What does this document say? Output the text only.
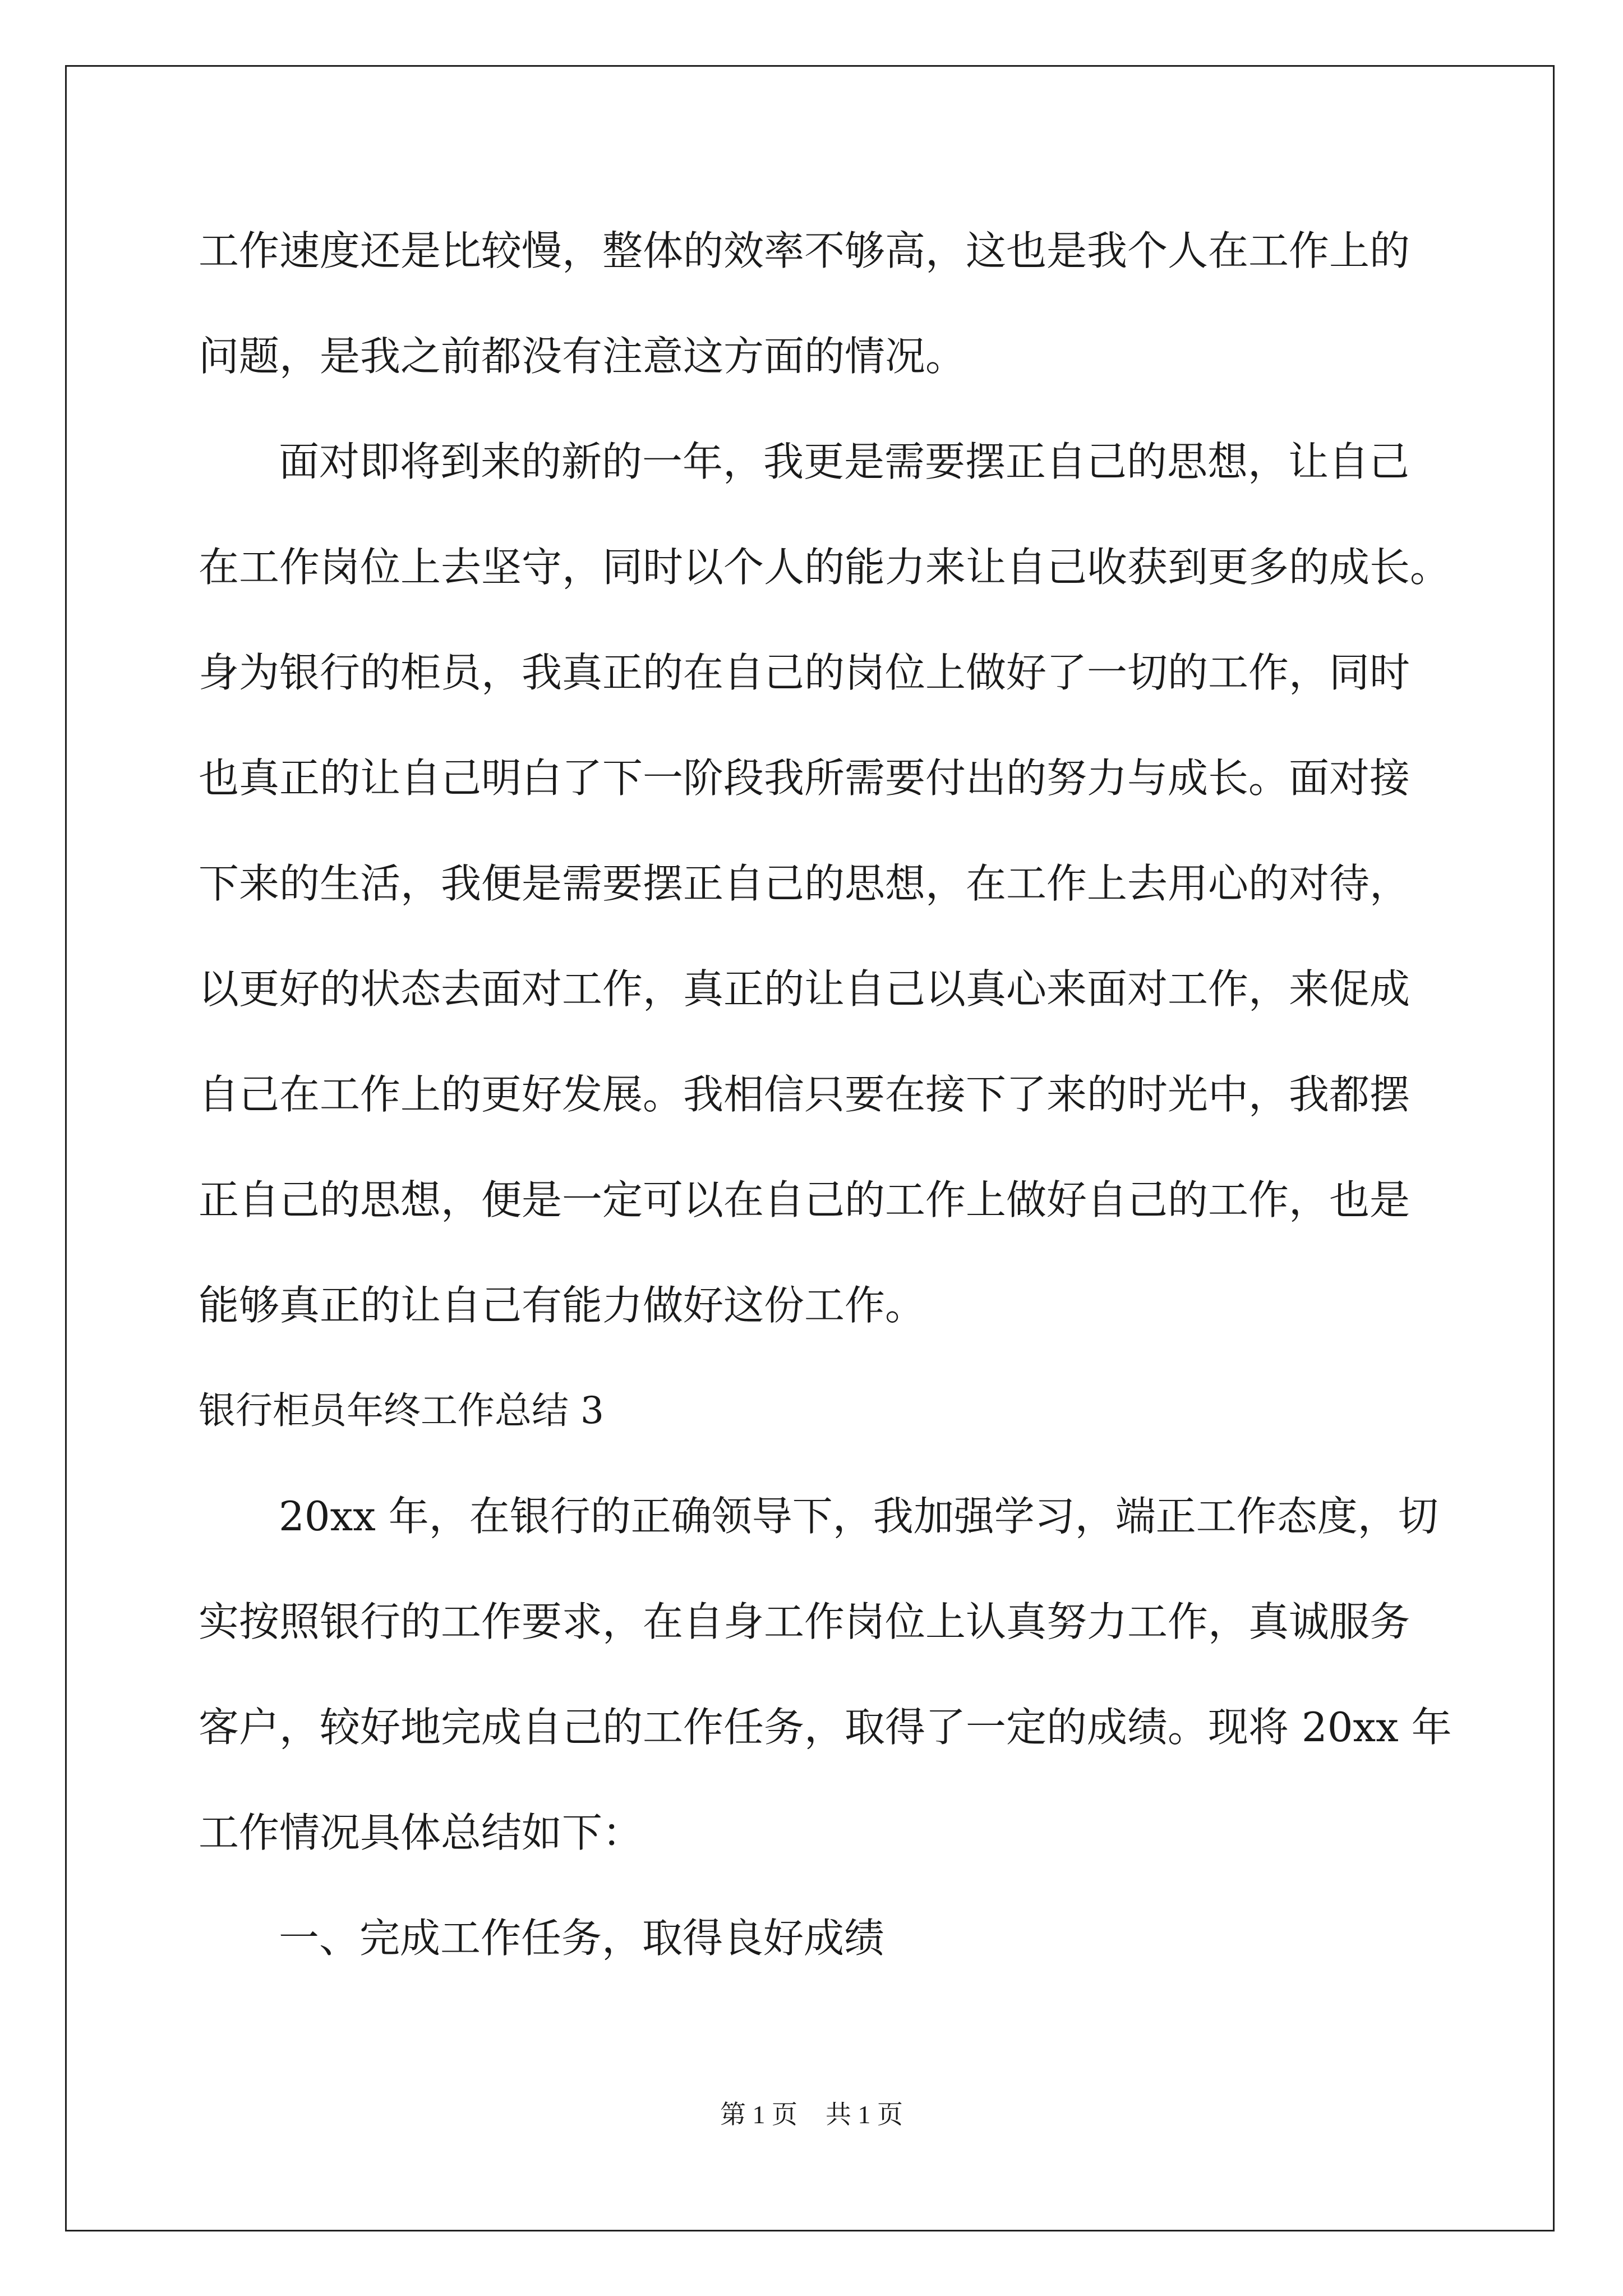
工作速度还是比较慢，整体的效率不够高，这也是我个人在工作上的

问题，是我之前都没有注意这方面的情况。

面对即将到来的新的一年，我更是需要摆正自己的思想，让自己

在工作岗位上去坚守，同时以个人的能力来让自己收获到更多的成长。

身为银行的柜员，我真正的在自己的岗位上做好了一切的工作，同时

也真正的让自己明白了下一阶段我所需要付出的努力与成长。面对接

下来的生活，我便是需要摆正自己的思想，在工作上去用心的对待，

以更好的状态去面对工作，真正的让自己以真心来面对工作，来促成

自己在工作上的更好发展。我相信只要在接下了来的时光中，我都摆

正自己的思想，便是一定可以在自己的工作上做好自己的工作，也是

能够真正的让自己有能力做好这份工作。

银行柜员年终工作总结 3

20xx 年，在银行的正确领导下，我加强学习，端正工作态度，切

实按照银行的工作要求，在自身工作岗位上认真努力工作，真诚服务

客户，较好地完成自己的工作任务，取得了一定的成绩。现将 20xx 年

工作情况具体总结如下：

一、完成工作任务，取得良好成绩

第 1 页 共 1 页
